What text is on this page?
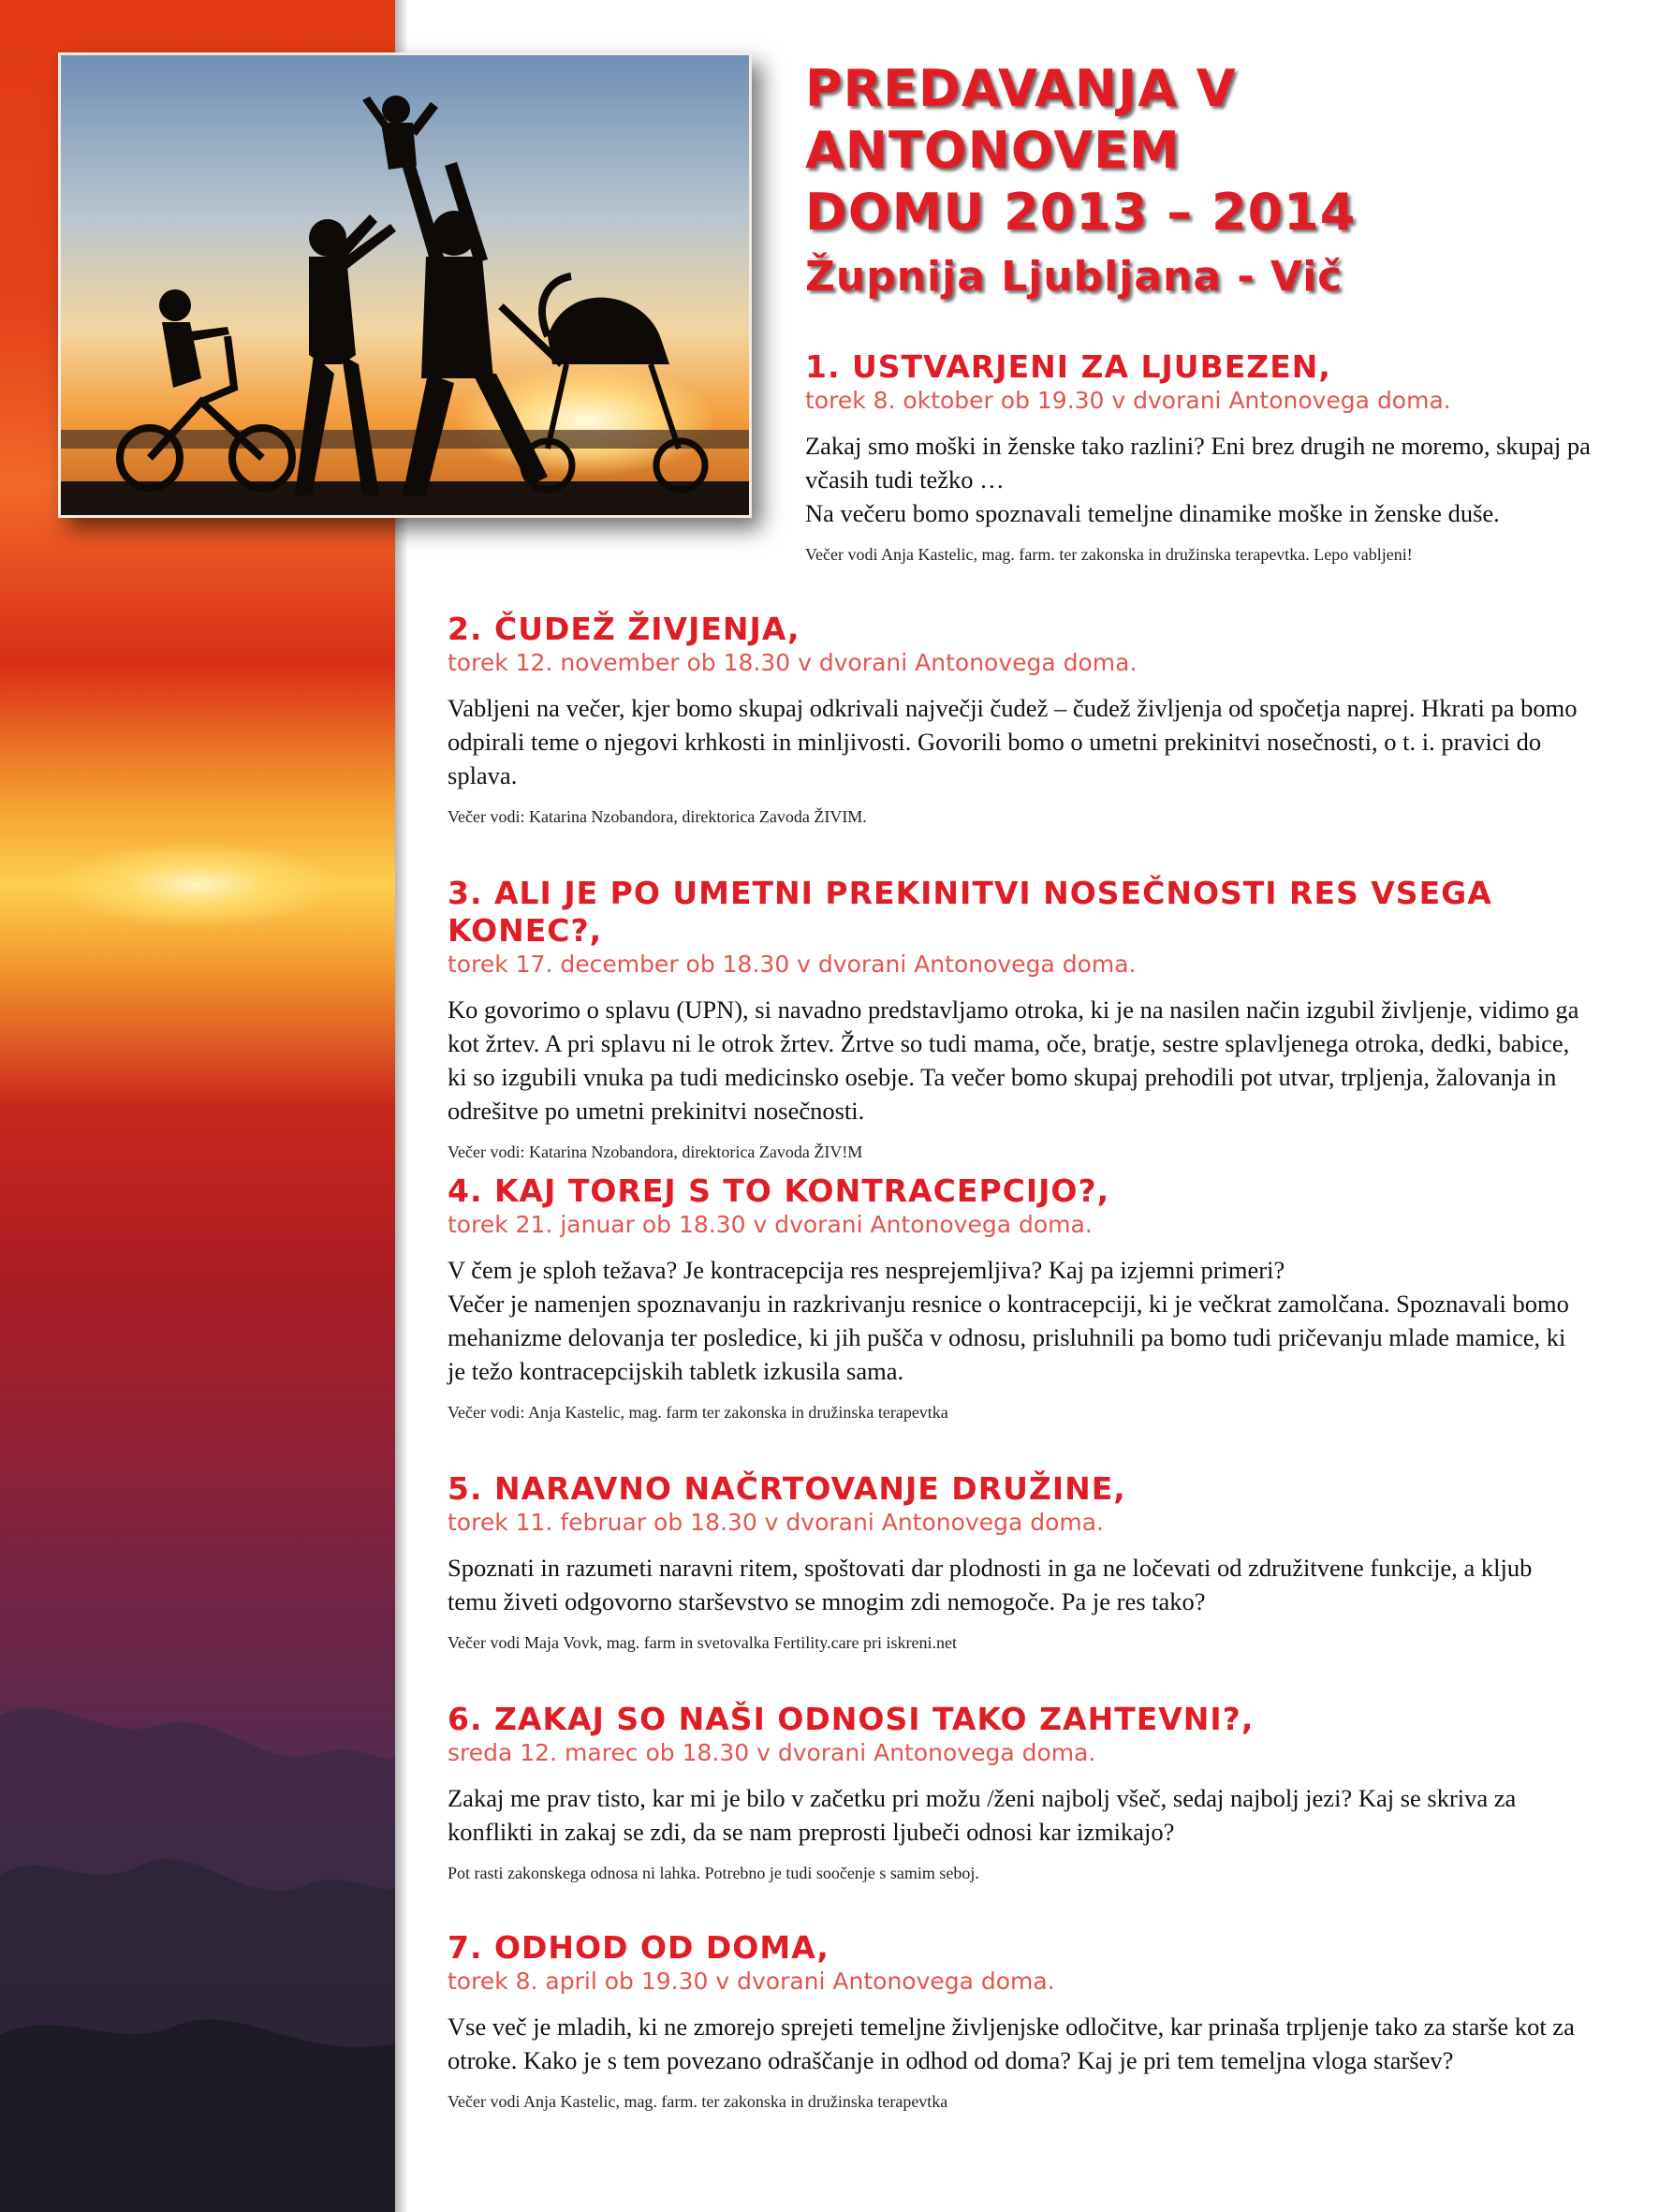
PREDAVANJA V ANTONOVEM
DOMU 2013 – 2014
Župnija Ljubljana - Vič
1. USTVARJENI ZA LJUBEZEN,
torek 8. oktober ob 19.30 v dvorani Antonovega doma.
Zakaj smo moški in ženske tako razlini? Eni brez drugih ne moremo, skupaj pa včasih tudi težko …
Na večeru bomo spoznavali temeljne dinamike moške in ženske duše.
Večer vodi Anja Kastelic, mag. farm. ter zakonska in družinska terapevtka. Lepo vabljeni!
2. ČUDEŽ ŽIVJENJA,
torek 12. november ob 18.30 v dvorani Antonovega doma.
Vabljeni na večer, kjer bomo skupaj odkrivali največji čudež – čudež življenja od spočetja naprej. Hkrati pa bomo odpirali teme o njegovi krhkosti in minljivosti. Govorili bomo o umetni prekinitvi nosečnosti, o t. i. pravici do splava.
Večer vodi: Katarina Nzobandora, direktorica Zavoda ŽIVIM.
3. ALI JE PO UMETNI PREKINITVI NOSEČNOSTI RES VSEGA KONEC?,
torek 17. december ob 18.30 v dvorani Antonovega doma.
Ko govorimo o splavu (UPN), si navadno predstavljamo otroka, ki je na nasilen način izgubil življenje, vidimo ga kot žrtev. A pri splavu ni le otrok žrtev. Žrtve so tudi mama, oče, bratje, sestre splavljenega otroka, dedki, babice, ki so izgubili vnuka pa tudi medicinsko osebje. Ta večer bomo skupaj prehodili pot utvar, trpljenja, žalovanja in odrešitve po umetni prekinitvi nosečnosti.
Večer vodi: Katarina Nzobandora, direktorica Zavoda ŽIV!M
4. KAJ TOREJ S TO KONTRACEPCIJO?,
torek 21. januar ob 18.30 v dvorani Antonovega doma.
V čem je sploh težava? Je kontracepcija res nesprejemljiva? Kaj pa izjemni primeri?
Večer je namenjen spoznavanju in razkrivanju resnice o kontracepciji, ki je večkrat zamolčana. Spoznavali bomo mehanizme delovanja ter posledice, ki jih pušča v odnosu, prisluhnili pa bomo tudi pričevanju mlade mamice, ki je težo kontracepcijskih tabletk izkusila sama.
Večer vodi: Anja Kastelic, mag. farm ter zakonska in družinska terapevtka
5. NARAVNO NAČRTOVANJE DRUŽINE,
torek 11. februar ob 18.30 v dvorani Antonovega doma.
Spoznati in razumeti naravni ritem, spoštovati dar plodnosti in ga ne ločevati od združitvene funkcije, a kljub temu živeti odgovorno starševstvo se mnogim zdi nemogoče. Pa je res tako?
Večer vodi Maja Vovk, mag. farm in svetovalka Fertility.care pri iskreni.net
6. ZAKAJ SO NAŠI ODNOSI TAKO ZAHTEVNI?,
sreda 12. marec ob 18.30 v dvorani Antonovega doma.
Zakaj me prav tisto, kar mi je bilo v začetku pri možu /ženi najbolj všeč, sedaj najbolj jezi? Kaj se skriva za konflikti in zakaj se zdi, da se nam preprosti ljubeči odnosi kar izmikajo?
Pot rasti zakonskega odnosa ni lahka. Potrebno je tudi soočenje s samim seboj.
7. ODHOD OD DOMA,
torek 8. april ob 19.30 v dvorani Antonovega doma.
Vse več je mladih, ki ne zmorejo sprejeti temeljne življenjske odločitve, kar prinaša trpljenje tako za starše kot za otroke. Kako je s tem povezano odraščanje in odhod od doma? Kaj je pri tem temeljna vloga staršev?
Večer vodi Anja Kastelic, mag. farm. ter zakonska in družinska terapevtka
